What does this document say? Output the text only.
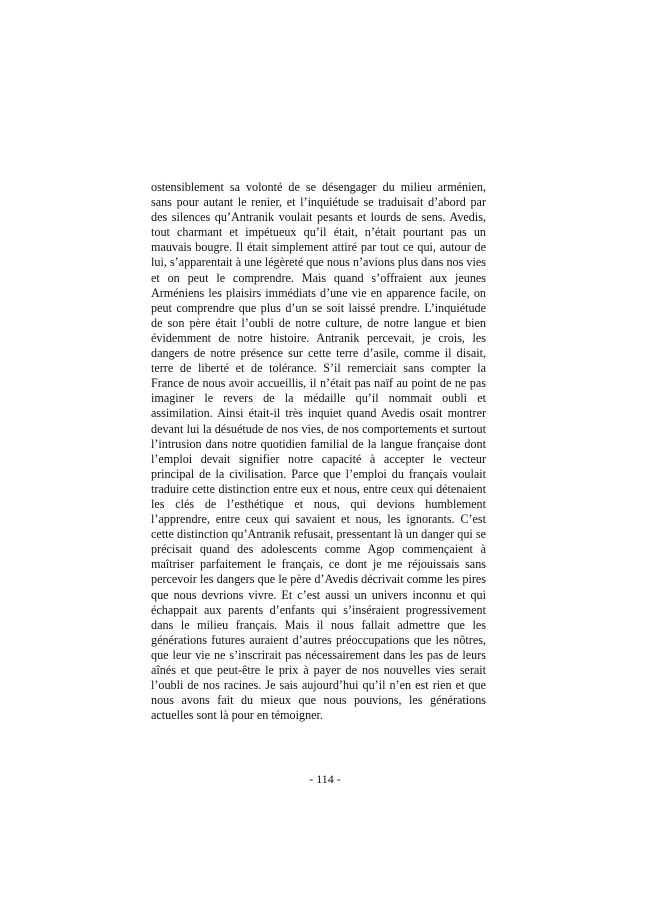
ostensiblement sa volonté de se désengager du milieu arménien, sans pour autant le renier, et l’inquiétude se traduisait d’abord par des silences qu’Antranik voulait pesants et lourds de sens. Avedis, tout charmant et impétueux qu’il était, n’était pourtant pas un mauvais bougre. Il était simplement attiré par tout ce qui, autour de lui, s’apparentait à une légèreté que nous n’avions plus dans nos vies et on peut le comprendre. Mais quand s’offraient aux jeunes Arméniens les plaisirs immédiats d’une vie en apparence facile, on peut comprendre que plus d’un se soit laissé prendre. L’inquiétude de son père était l’oubli de notre culture, de notre langue et bien évidemment de notre histoire. Antranik percevait, je crois, les dangers de notre présence sur cette terre d’asile, comme il disait, terre de liberté et de tolérance. S’il remerciait sans compter la France de nous avoir accueillis, il n’était pas naïf au point de ne pas imaginer le revers de la médaille qu’il nommait oubli et assimilation. Ainsi était-il très inquiet quand Avedis osait montrer devant lui la désuétude de nos vies, de nos comportements et surtout l’intrusion dans notre quotidien familial de la langue française dont l’emploi devait signifier notre capacité à accepter le vecteur principal de la civilisation. Parce que l’emploi du français voulait traduire cette distinction entre eux et nous, entre ceux qui détenaient les clés de l’esthétique et nous, qui devions humblement l’apprendre, entre ceux qui savaient et nous, les ignorants. C’est cette distinction qu’Antranik refusait, pressentant là un danger qui se précisait quand des adolescents comme Agop commençaient à maîtriser parfaitement le français, ce dont je me réjouissais sans percevoir les dangers que le père d’Avedis décrivait comme les pires que nous devrions vivre. Et c’est aussi un univers inconnu et qui échappait aux parents d’enfants qui s’inséraient progressivement dans le milieu français. Mais il nous fallait admettre que les générations futures auraient d’autres préoccupations que les nôtres, que leur vie ne s’inscrirait pas nécessairement dans les pas de leurs aînés et que peut-être le prix à payer de nos nouvelles vies serait l’oubli de nos racines. Je sais aujourd’hui qu’il n’en est rien et que nous avons fait du mieux que nous pouvions, les générations actuelles sont là pour en témoigner.

- 114 -
